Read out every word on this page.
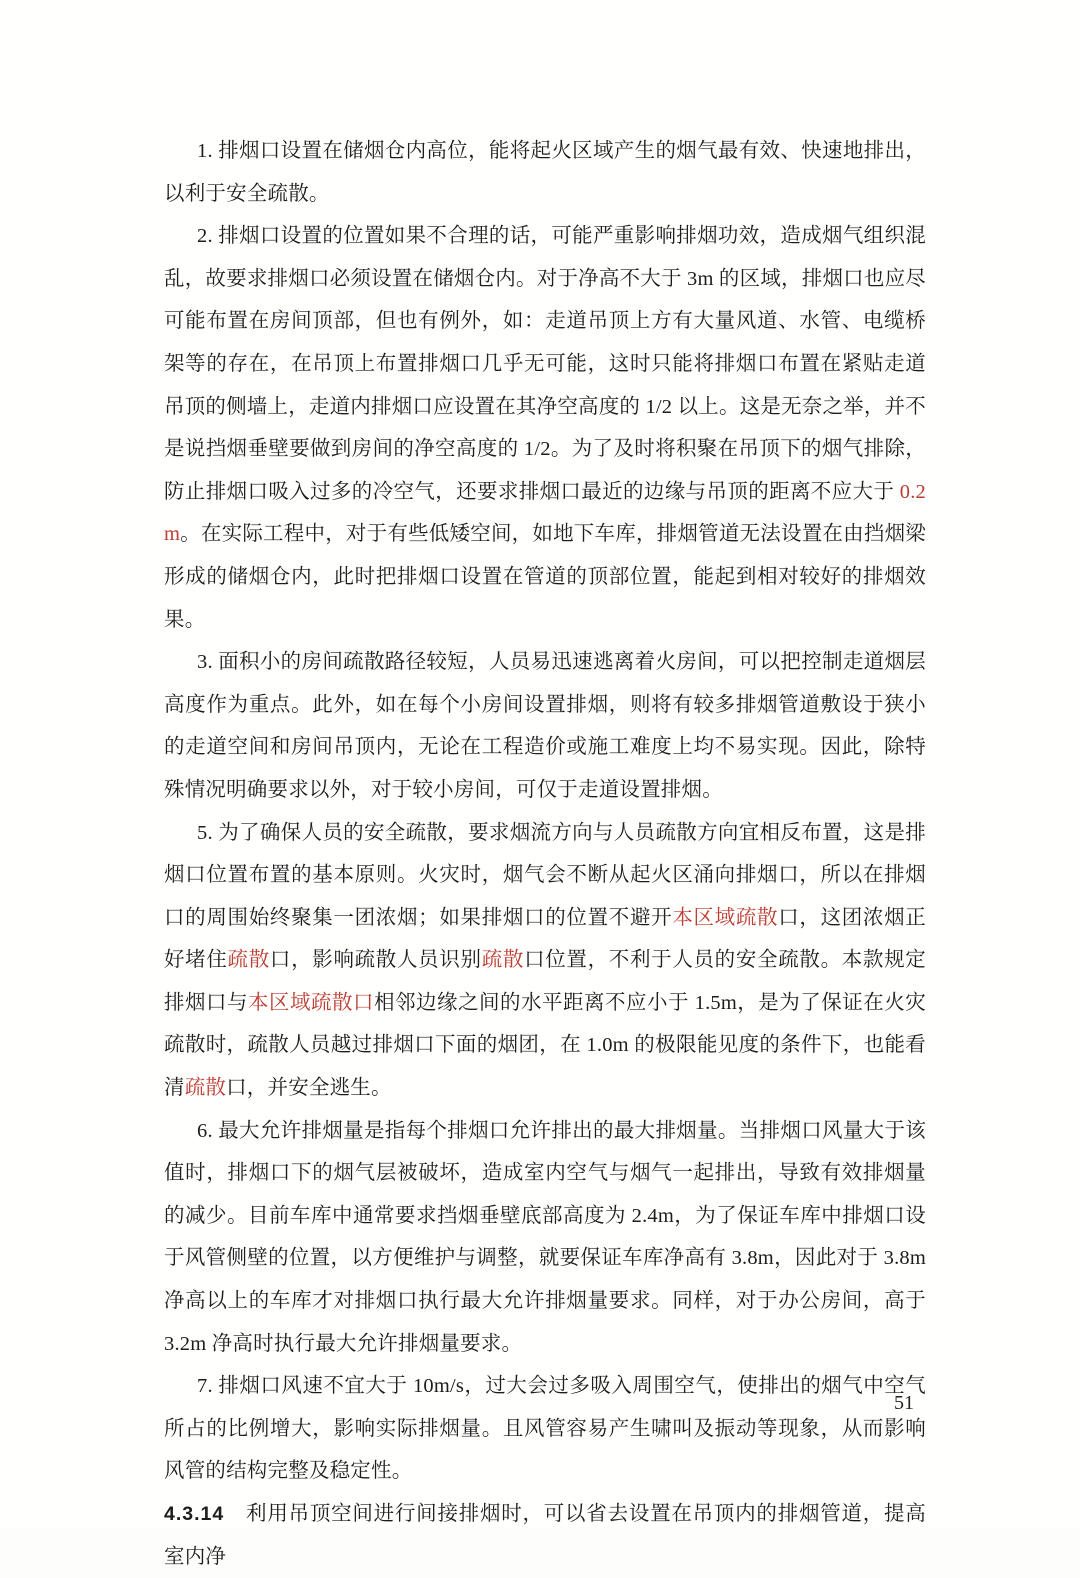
1. 排烟口设置在储烟仓内高位，能将起火区域产生的烟气最有效、快速地排出，以利于安全疏散。

2. 排烟口设置的位置如果不合理的话，可能严重影响排烟功效，造成烟气组织混乱，故要求排烟口必须设置在储烟仓内。对于净高不大于 3m 的区域，排烟口也应尽可能布置在房间顶部，但也有例外，如：走道吊顶上方有大量风道、水管、电缆桥架等的存在，在吊顶上布置排烟口几乎无可能，这时只能将排烟口布置在紧贴走道吊顶的侧墙上，走道内排烟口应设置在其净空高度的 1/2 以上。这是无奈之举，并不是说挡烟垂壁要做到房间的净空高度的 1/2。为了及时将积聚在吊顶下的烟气排除，防止排烟口吸入过多的冷空气，还要求排烟口最近的边缘与吊顶的距离不应大于 0.2m。在实际工程中，对于有些低矮空间，如地下车库，排烟管道无法设置在由挡烟梁形成的储烟仓内，此时把排烟口设置在管道的顶部位置，能起到相对较好的排烟效果。

3. 面积小的房间疏散路径较短，人员易迅速逃离着火房间，可以把控制走道烟层高度作为重点。此外，如在每个小房间设置排烟，则将有较多排烟管道敷设于狭小的走道空间和房间吊顶内，无论在工程造价或施工难度上均不易实现。因此，除特殊情况明确要求以外，对于较小房间，可仅于走道设置排烟。

5. 为了确保人员的安全疏散，要求烟流方向与人员疏散方向宜相反布置，这是排烟口位置布置的基本原则。火灾时，烟气会不断从起火区涌向排烟口，所以在排烟口的周围始终聚集一团浓烟；如果排烟口的位置不避开本区域疏散口，这团浓烟正好堵住疏散口，影响疏散人员识别疏散口位置，不利于人员的安全疏散。本款规定排烟口与本区域疏散口相邻边缘之间的水平距离不应小于 1.5m，是为了保证在火灾疏散时，疏散人员越过排烟口下面的烟团，在 1.0m 的极限能见度的条件下，也能看清疏散口，并安全逃生。

6. 最大允许排烟量是指每个排烟口允许排出的最大排烟量。当排烟口风量大于该值时，排烟口下的烟气层被破坏，造成室内空气与烟气一起排出，导致有效排烟量的减少。目前车库中通常要求挡烟垂壁底部高度为 2.4m，为了保证车库中排烟口设于风管侧壁的位置，以方便维护与调整，就要保证车库净高有 3.8m，因此对于 3.8m 净高以上的车库才对排烟口执行最大允许排烟量要求。同样，对于办公房间，高于 3.2m 净高时执行最大允许排烟量要求。

7. 排烟口风速不宜大于 10m/s，过大会过多吸入周围空气，使排出的烟气中空气所占的比例增大，影响实际排烟量。且风管容易产生啸叫及振动等现象，从而影响风管的结构完整及稳定性。

4.3.14　利用吊顶空间进行间接排烟时，可以省去设置在吊顶内的排烟管道，提高室内净

51
